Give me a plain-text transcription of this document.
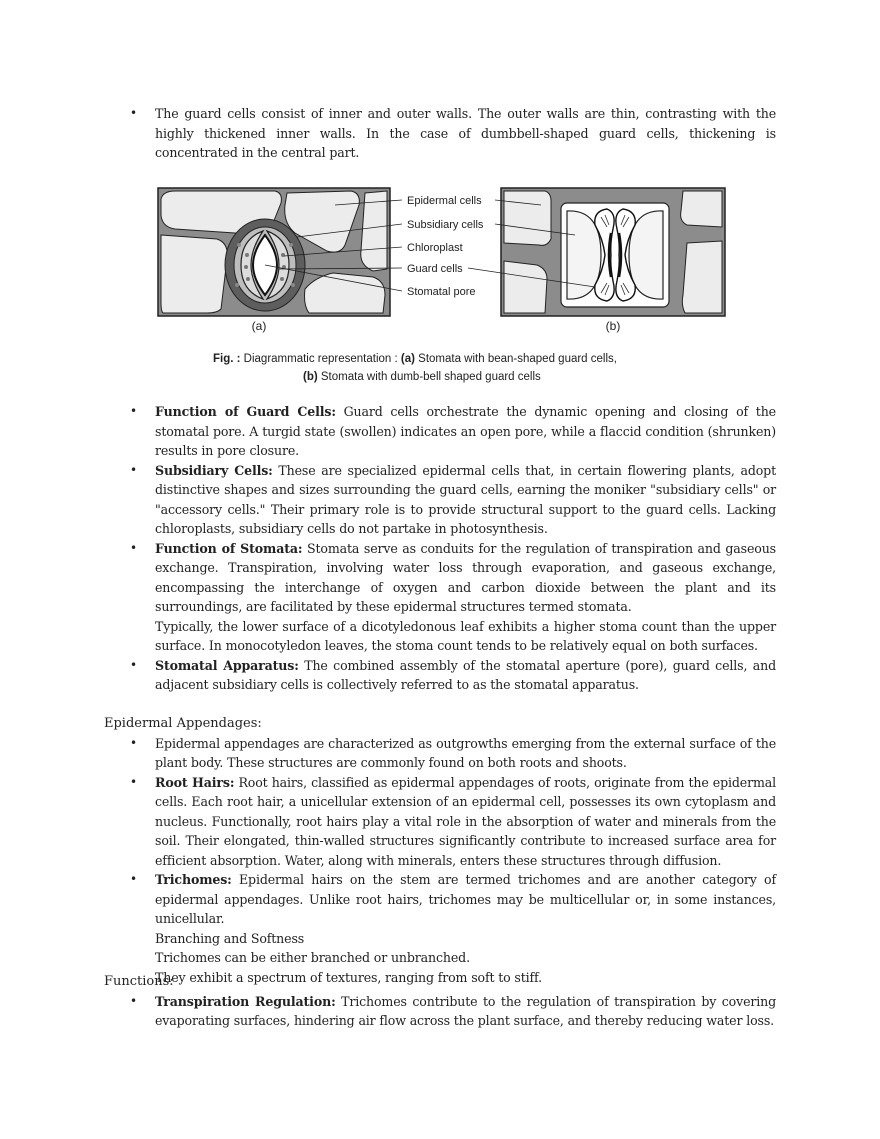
• The guard cells consist of inner and outer walls. The outer walls are thin, contrasting with the highly thickened inner walls. In the case of dumbbell-shaped guard cells, thickening is concentrated in the central part.
Epidermal cells
Subsidiary cells
Chloroplast
Guard cells
Stomatal pore
(a)	(b)
Fig. : Diagrammatic representation : (a) Stomata with bean-shaped guard cells,
(b) Stomata with dumb-bell shaped guard cells
• Function of Guard Cells: Guard cells orchestrate the dynamic opening and closing of the stomatal pore. A turgid state (swollen) indicates an open pore, while a flaccid condition (shrunken) results in pore closure.
• Subsidiary Cells: These are specialized epidermal cells that, in certain flowering plants, adopt distinctive shapes and sizes surrounding the guard cells, earning the moniker "subsidiary cells" or "accessory cells." Their primary role is to provide structural support to the guard cells. Lacking chloroplasts, subsidiary cells do not partake in photosynthesis.
• Function of Stomata: Stomata serve as conduits for the regulation of transpiration and gaseous exchange. Transpiration, involving water loss through evaporation, and gaseous exchange, encompassing the interchange of oxygen and carbon dioxide between the plant and its surroundings, are facilitated by these epidermal structures termed stomata.
Typically, the lower surface of a dicotyledonous leaf exhibits a higher stoma count than the upper surface. In monocotyledon leaves, the stoma count tends to be relatively equal on both surfaces.
• Stomatal Apparatus: The combined assembly of the stomatal aperture (pore), guard cells, and adjacent subsidiary cells is collectively referred to as the stomatal apparatus.
Epidermal Appendages:
• Epidermal appendages are characterized as outgrowths emerging from the external surface of the plant body. These structures are commonly found on both roots and shoots.
• Root Hairs: Root hairs, classified as epidermal appendages of roots, originate from the epidermal cells. Each root hair, a unicellular extension of an epidermal cell, possesses its own cytoplasm and nucleus. Functionally, root hairs play a vital role in the absorption of water and minerals from the soil. Their elongated, thin-walled structures significantly contribute to increased surface area for efficient absorption. Water, along with minerals, enters these structures through diffusion.
• Trichomes: Epidermal hairs on the stem are termed trichomes and are another category of epidermal appendages. Unlike root hairs, trichomes may be multicellular or, in some instances, unicellular.
Branching and Softness
Trichomes can be either branched or unbranched.
They exhibit a spectrum of textures, ranging from soft to stiff.
Functions:
• Transpiration Regulation: Trichomes contribute to the regulation of transpiration by covering evaporating surfaces, hindering air flow across the plant surface, and thereby reducing water loss.
